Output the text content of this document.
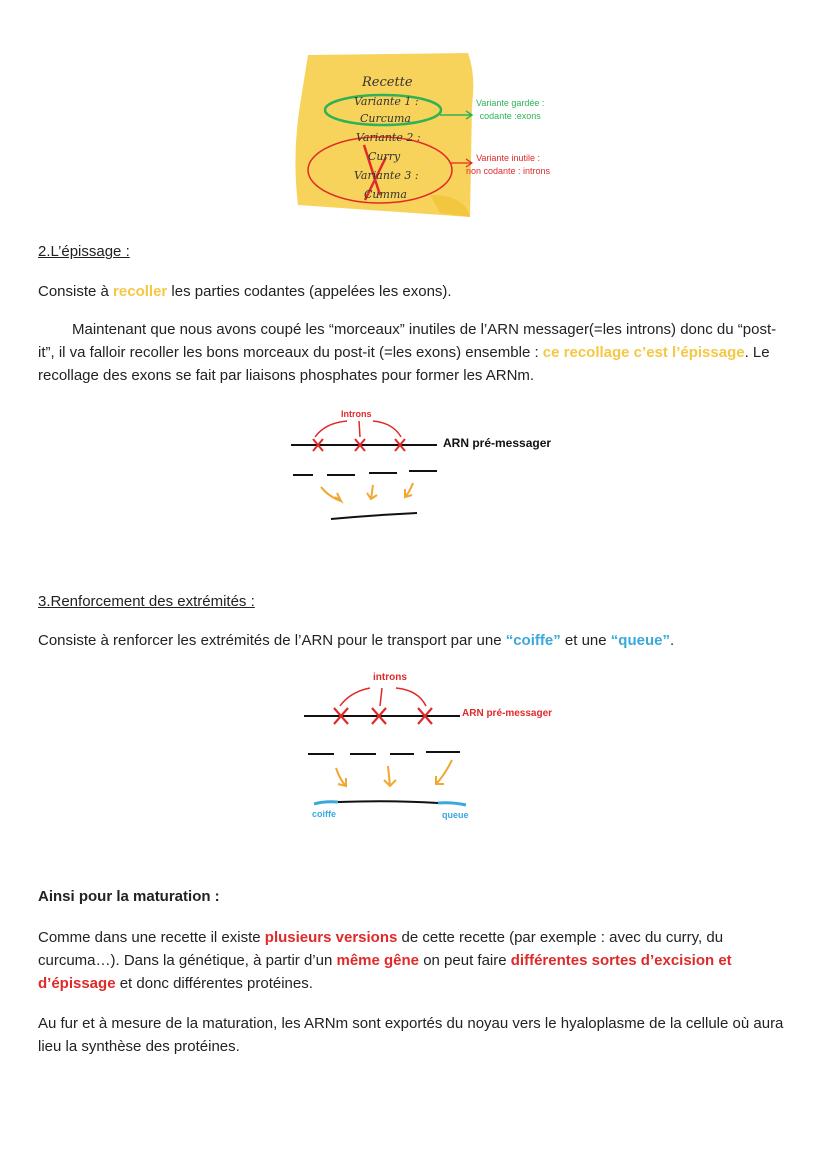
Recette
Variante 1 :
Curcuma
Variante 2 :
Curry
Variante 3 :
Cumma
Variante gardée :
codante :exons
Variante inutile :
non codante : introns
2.L’épissage :
Consiste à recoller les parties codantes (appelées les exons).
Maintenant que nous avons coupé les “morceaux” inutiles de l’ARN messager(=les introns) donc du “post-it”, il va falloir recoller les bons morceaux du post-it (=les exons) ensemble : ce recollage c’est l’épissage. Le recollage des exons se fait par liaisons phosphates pour former les ARNm.
Introns
ARN pré-messager
3.Renforcement des extrémités :
Consiste à renforcer les extrémités de l’ARN pour le transport par une “coiffe” et une “queue”.
introns
ARN pré-messager
coiffe	queue
Ainsi pour la maturation :
Comme dans une recette il existe plusieurs versions de cette recette (par exemple : avec du curry, du curcuma…). Dans la génétique, à partir d’un même gêne on peut faire différentes sortes d’excision et d’épissage et donc différentes protéines.
Au fur et à mesure de la maturation, les ARNm sont exportés du noyau vers le hyaloplasme de la cellule où aura lieu la synthèse des protéines.
